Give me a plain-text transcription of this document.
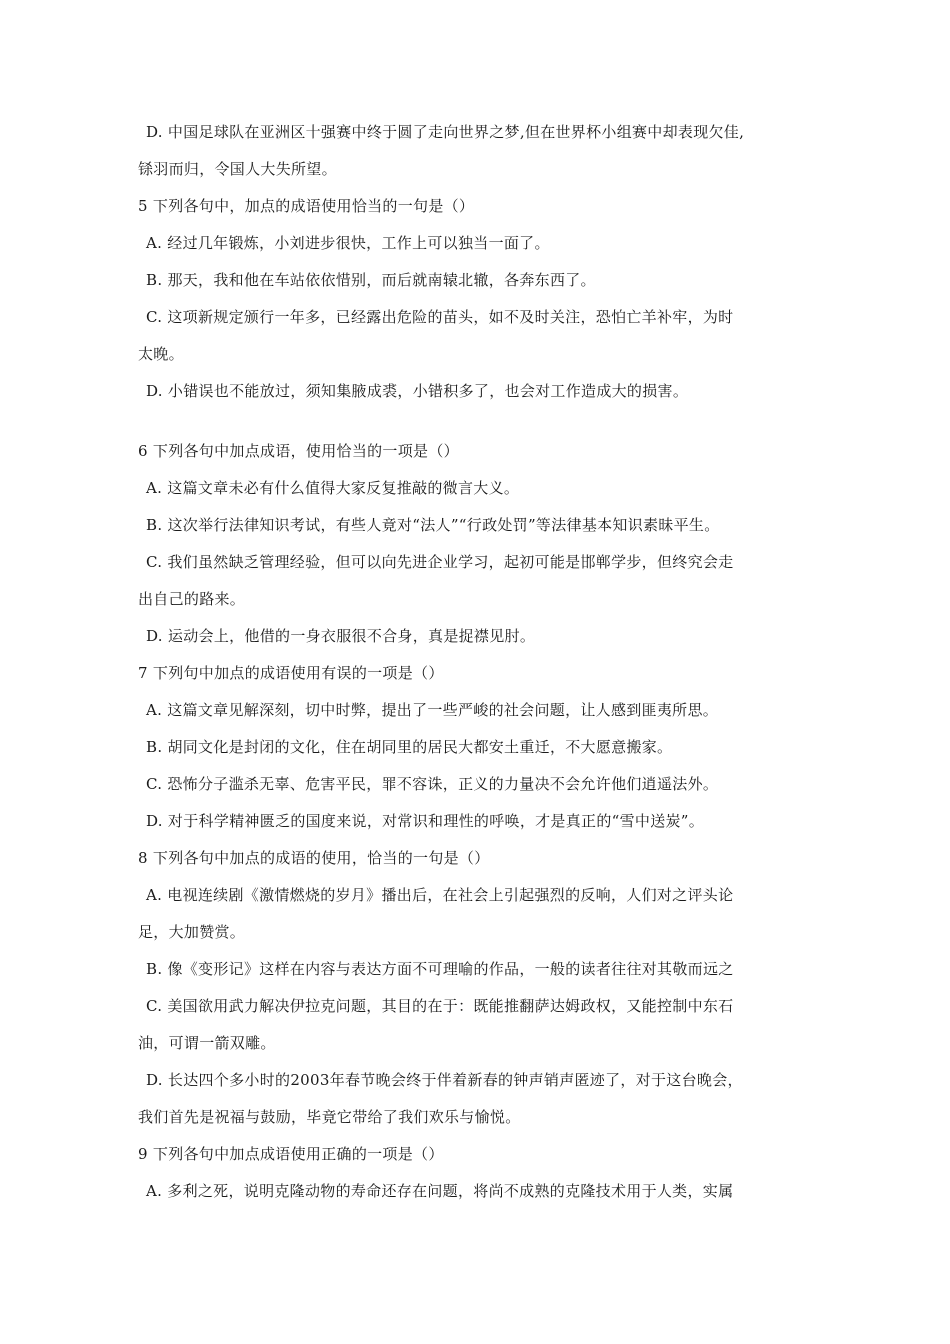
D. 中国足球队在亚洲区十强赛中终于圆了走向世界之梦,但在世界杯小组赛中却表现欠佳,
铩羽而归，令国人大失所望。
5 下列各句中，加点的成语使用恰当的一句是（）
A. 经过几年锻炼，小刘进步很快，工作上可以独当一面了。
B. 那天，我和他在车站依依惜别，而后就南辕北辙，各奔东西了。
C. 这项新规定颁行一年多，已经露出危险的苗头，如不及时关注，恐怕亡羊补牢，为时
太晚。
D. 小错误也不能放过，须知集腋成裘，小错积多了，也会对工作造成大的损害。
6 下列各句中加点成语，使用恰当的一项是（）
A. 这篇文章未必有什么值得大家反复推敲的微言大义。
B. 这次举行法律知识考试，有些人竟对“法人”“行政处罚”等法律基本知识素昧平生。
C. 我们虽然缺乏管理经验，但可以向先进企业学习，起初可能是邯郸学步，但终究会走
出自己的路来。
D. 运动会上，他借的一身衣服很不合身，真是捉襟见肘。
7 下列句中加点的成语使用有误的一项是（）
A. 这篇文章见解深刻，切中时弊，提出了一些严峻的社会问题，让人感到匪夷所思。
B. 胡同文化是封闭的文化，住在胡同里的居民大都安土重迁，不大愿意搬家。
C. 恐怖分子滥杀无辜、危害平民，罪不容诛，正义的力量决不会允许他们逍遥法外。
D. 对于科学精神匮乏的国度来说，对常识和理性的呼唤，才是真正的“雪中送炭”。
8 下列各句中加点的成语的使用，恰当的一句是（）
A. 电视连续剧《激情燃烧的岁月》播出后，在社会上引起强烈的反响，人们对之评头论
足，大加赞赏。
B. 像《变形记》这样在内容与表达方面不可理喻的作品，一般的读者往往对其敬而远之
C. 美国欲用武力解决伊拉克问题，其目的在于：既能推翻萨达姆政权，又能控制中东石
油，可谓一箭双雕。
D. 长达四个多小时的2003年春节晚会终于伴着新春的钟声销声匿迹了，对于这台晚会，
我们首先是祝福与鼓励，毕竟它带给了我们欢乐与愉悦。
9 下列各句中加点成语使用正确的一项是（）
A. 多利之死，说明克隆动物的寿命还存在问题，将尚不成熟的克隆技术用于人类，实属
